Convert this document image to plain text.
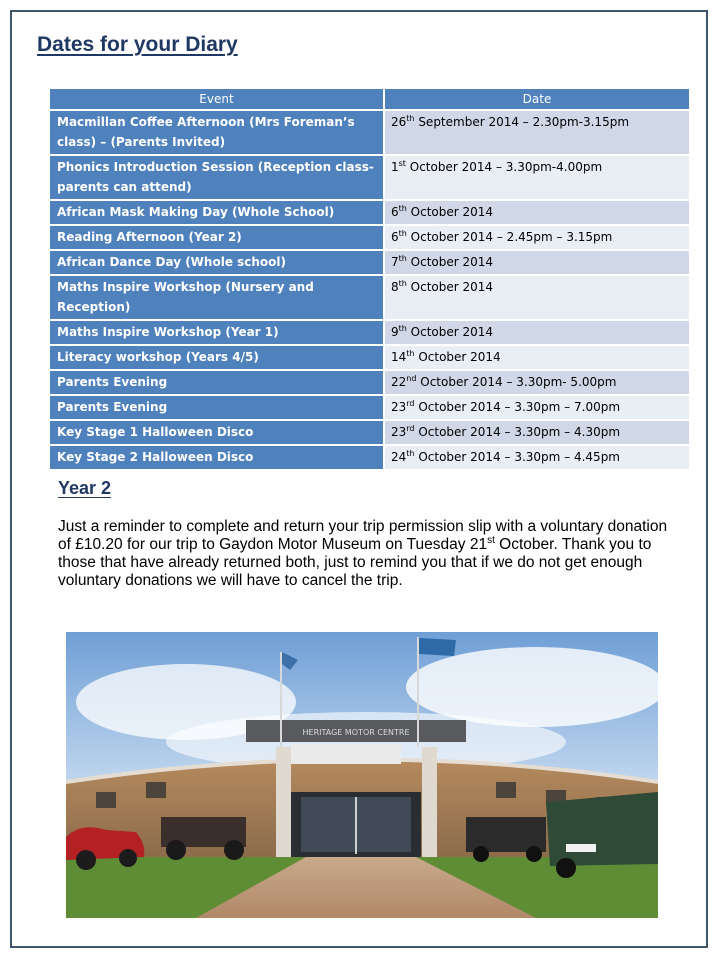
Dates for your Diary
Event	Date
Macmillan Coffee Afternoon (Mrs Foreman’s class) – (Parents Invited)	26th September 2014 – 2.30pm-3.15pm
Phonics Introduction Session (Reception class- parents can attend)	1st October 2014 – 3.30pm-4.00pm
African Mask Making Day (Whole School)	6th October 2014
Reading Afternoon (Year 2)	6th October 2014 – 2.45pm – 3.15pm
African Dance Day (Whole school)	7th October 2014
Maths Inspire Workshop (Nursery and Reception)	8th October 2014
Maths Inspire Workshop (Year 1)	9th October 2014
Literacy workshop (Years 4/5)	14th October 2014
Parents Evening	22nd October 2014 – 3.30pm- 5.00pm
Parents Evening	23rd October 2014 – 3.30pm – 7.00pm
Key Stage 1 Halloween Disco	23rd October 2014 – 3.30pm – 4.30pm
Key Stage 2 Halloween Disco	24th October 2014 – 3.30pm – 4.45pm
Year 2
Just a reminder to complete and return your trip permission slip with a voluntary donation of £10.20 for our trip to Gaydon Motor Museum on Tuesday 21st October. Thank you to those that have already returned both, just to remind you that if we do not get enough voluntary donations we will have to cancel the trip.
HERITAGE MOTOR CENTRE
